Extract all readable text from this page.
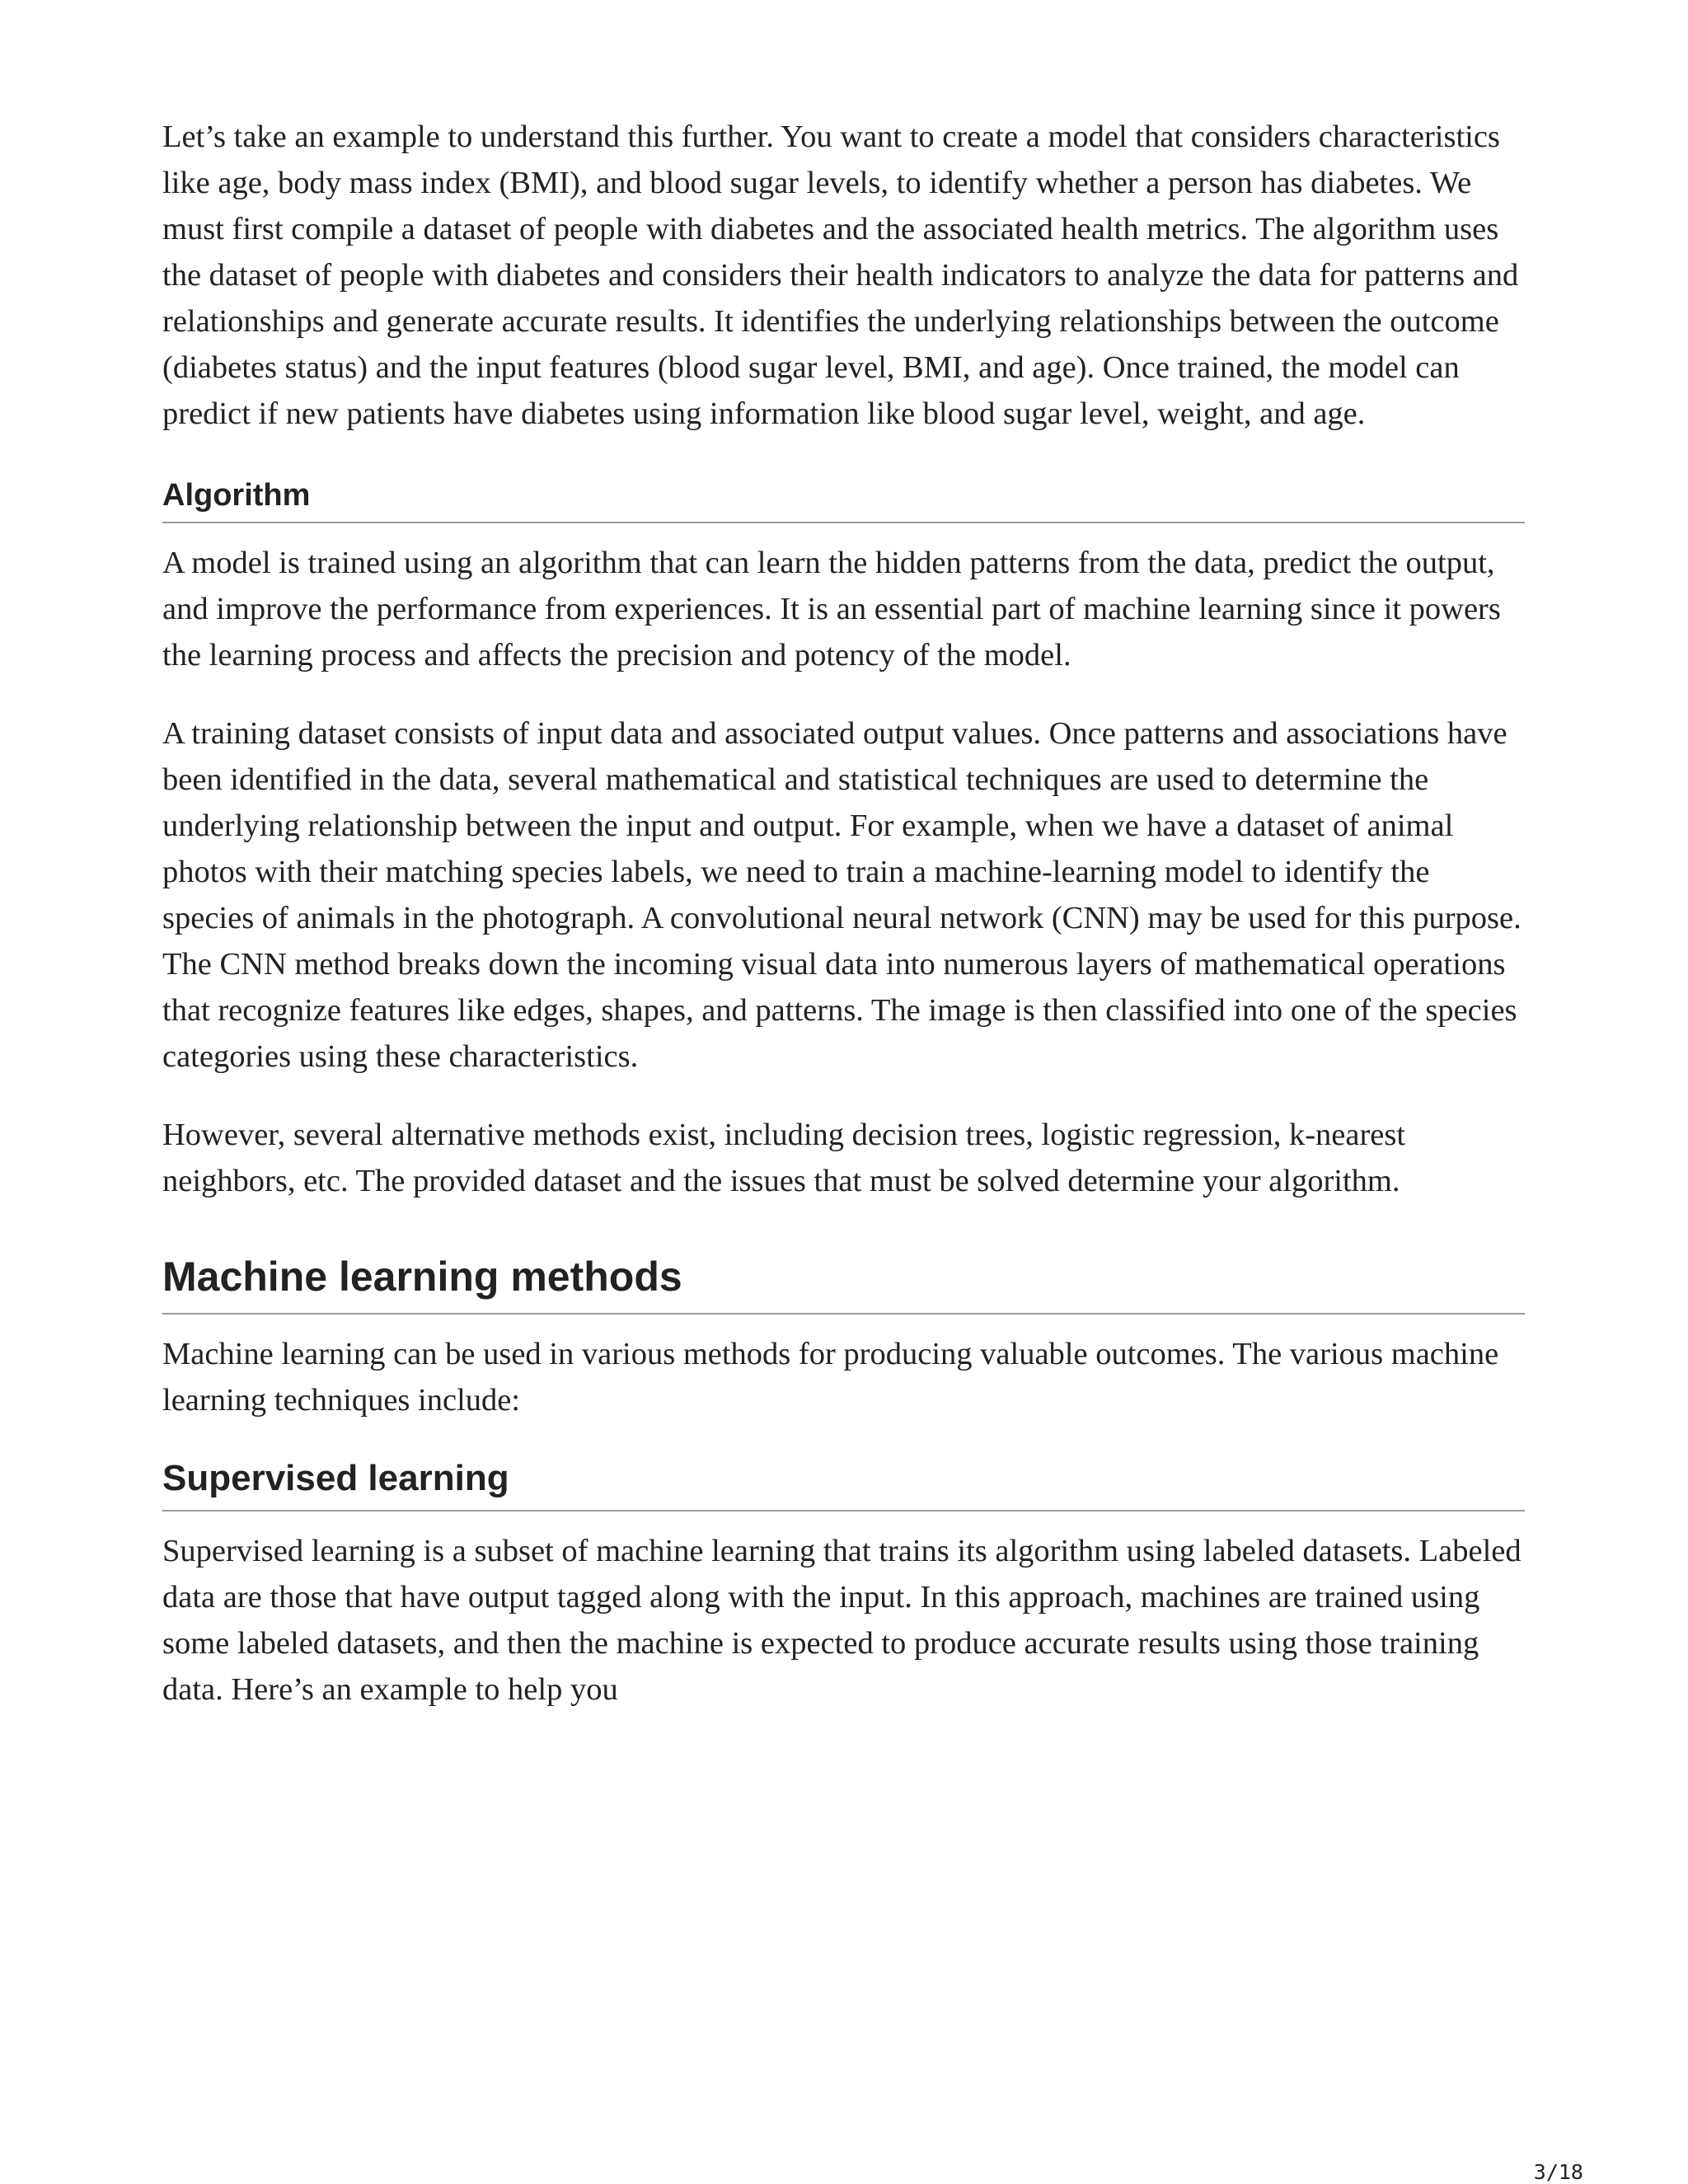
Let’s take an example to understand this further. You want to create a model that considers characteristics like age, body mass index (BMI), and blood sugar levels, to identify whether a person has diabetes. We must first compile a dataset of people with diabetes and the associated health metrics. The algorithm uses the dataset of people with diabetes and considers their health indicators to analyze the data for patterns and relationships and generate accurate results. It identifies the underlying relationships between the outcome (diabetes status) and the input features (blood sugar level, BMI, and age). Once trained, the model can predict if new patients have diabetes using information like blood sugar level, weight, and age.

Algorithm

A model is trained using an algorithm that can learn the hidden patterns from the data, predict the output, and improve the performance from experiences. It is an essential part of machine learning since it powers the learning process and affects the precision and potency of the model.

A training dataset consists of input data and associated output values. Once patterns and associations have been identified in the data, several mathematical and statistical techniques are used to determine the underlying relationship between the input and output. For example, when we have a dataset of animal photos with their matching species labels, we need to train a machine-learning model to identify the species of animals in the photograph. A convolutional neural network (CNN) may be used for this purpose. The CNN method breaks down the incoming visual data into numerous layers of mathematical operations that recognize features like edges, shapes, and patterns. The image is then classified into one of the species categories using these characteristics.

However, several alternative methods exist, including decision trees, logistic regression, k-nearest neighbors, etc. The provided dataset and the issues that must be solved determine your algorithm.

Machine learning methods

Machine learning can be used in various methods for producing valuable outcomes. The various machine learning techniques include:

Supervised learning

Supervised learning is a subset of machine learning that trains its algorithm using labeled datasets. Labeled data are those that have output tagged along with the input. In this approach, machines are trained using some labeled datasets, and then the machine is expected to produce accurate results using those training data. Here’s an example to help you

3/18
